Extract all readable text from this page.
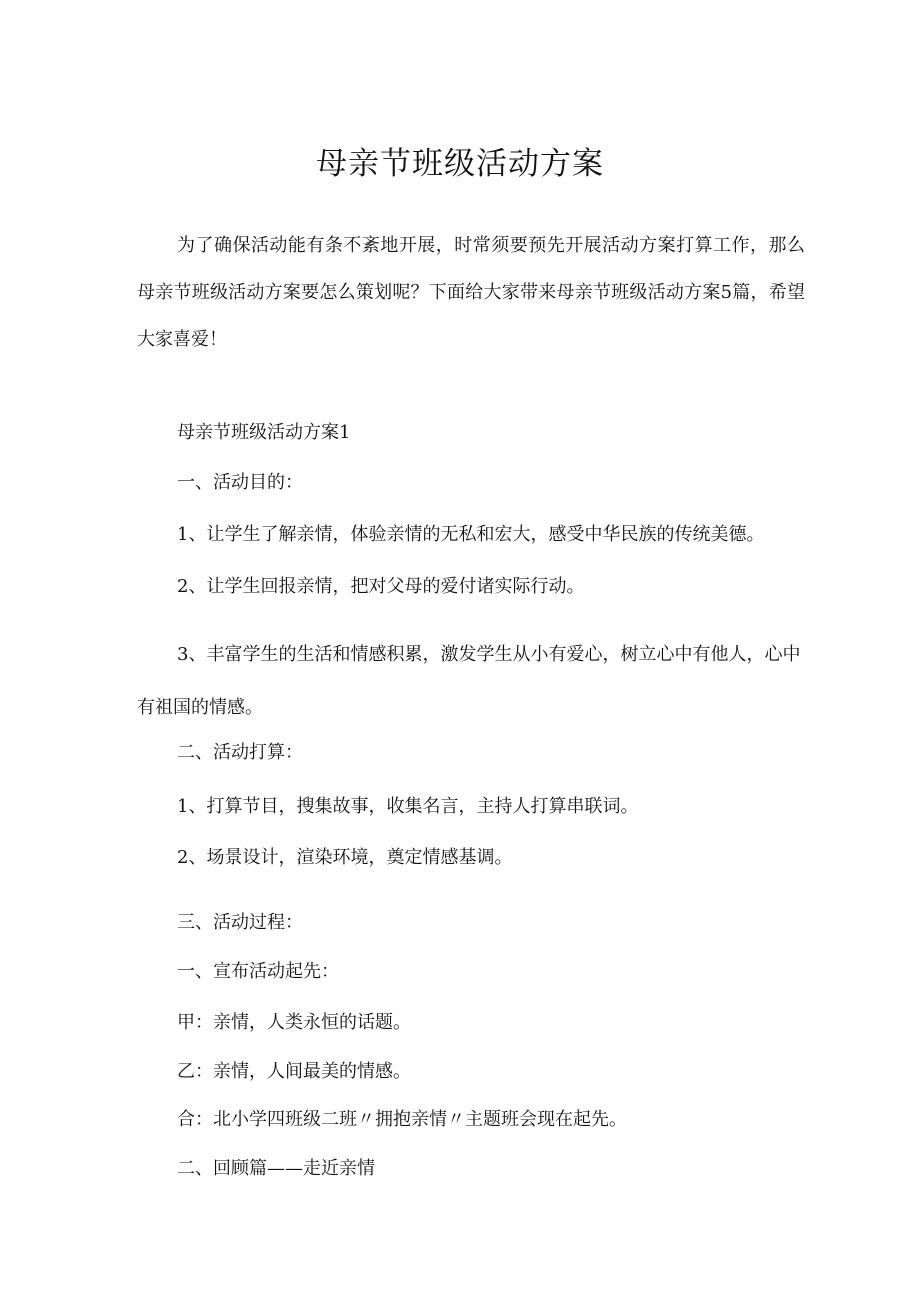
母亲节班级活动方案

为了确保活动能有条不紊地开展，时常须要预先开展活动方案打算工作，那么母亲节班级活动方案要怎么策划呢？下面给大家带来母亲节班级活动方案5篇，希望大家喜爱！

母亲节班级活动方案1

一、活动目的：

1、让学生了解亲情，体验亲情的无私和宏大，感受中华民族的传统美德。

2、让学生回报亲情，把对父母的爱付诸实际行动。

3、丰富学生的生活和情感积累，激发学生从小有爱心，树立心中有他人，心中有祖国的情感。

二、活动打算：

1、打算节目，搜集故事，收集名言，主持人打算串联词。

2、场景设计，渲染环境，奠定情感基调。

三、活动过程：

一、宣布活动起先：

甲：亲情，人类永恒的话题。

乙：亲情，人间最美的情感。

合：北小学四班级二班〃拥抱亲情〃主题班会现在起先。

二、回顾篇——走近亲情
